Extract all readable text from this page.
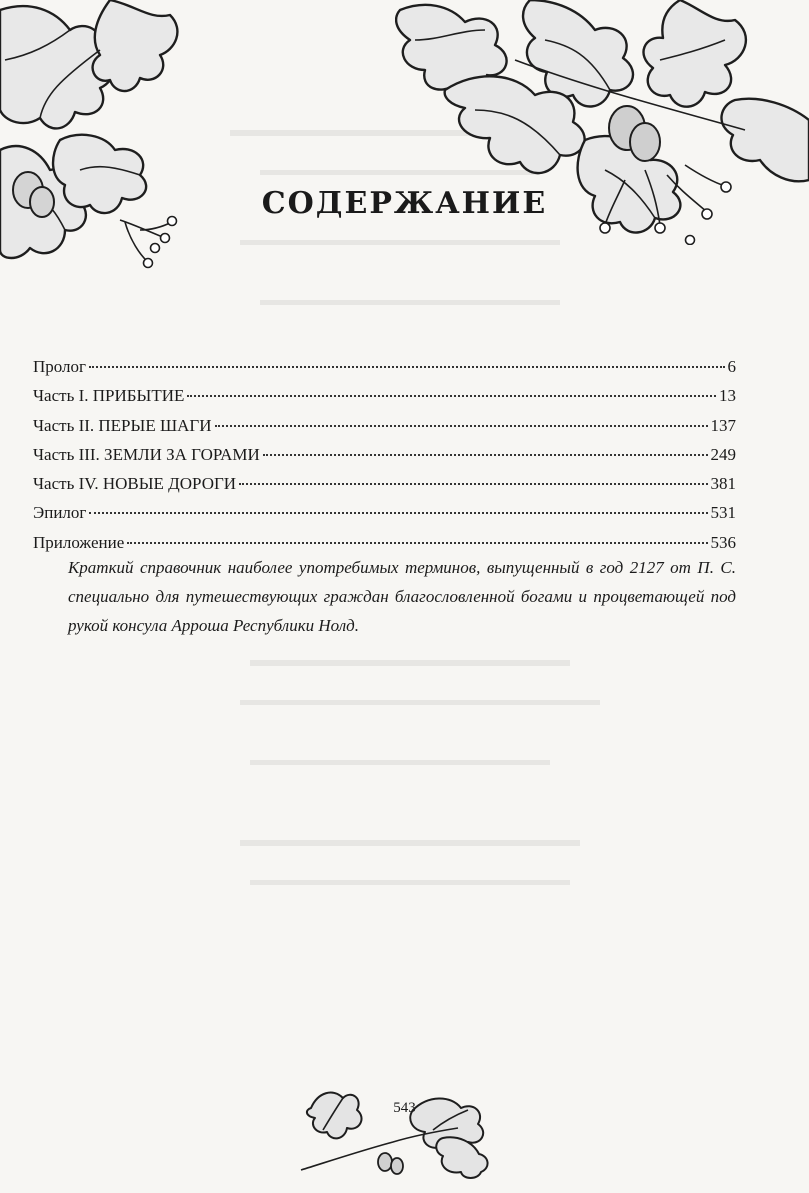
СОДЕРЖАНИЕ
Пролог	6
Часть I. ПРИБЫТИЕ	13
Часть II. ПЕРЫЕ ШАГИ	137
Часть III. ЗЕМЛИ ЗА ГОРАМИ	249
Часть IV. НОВЫЕ ДОРОГИ	381
Эпилог	531
Приложение	536

Краткий справочник наиболее употребимых терминов, выпущенный в год 2127 от П. С. специально для путешествующих граждан благословленной богами и процветающей под рукой консула Арроша Республики Нолд.

543
